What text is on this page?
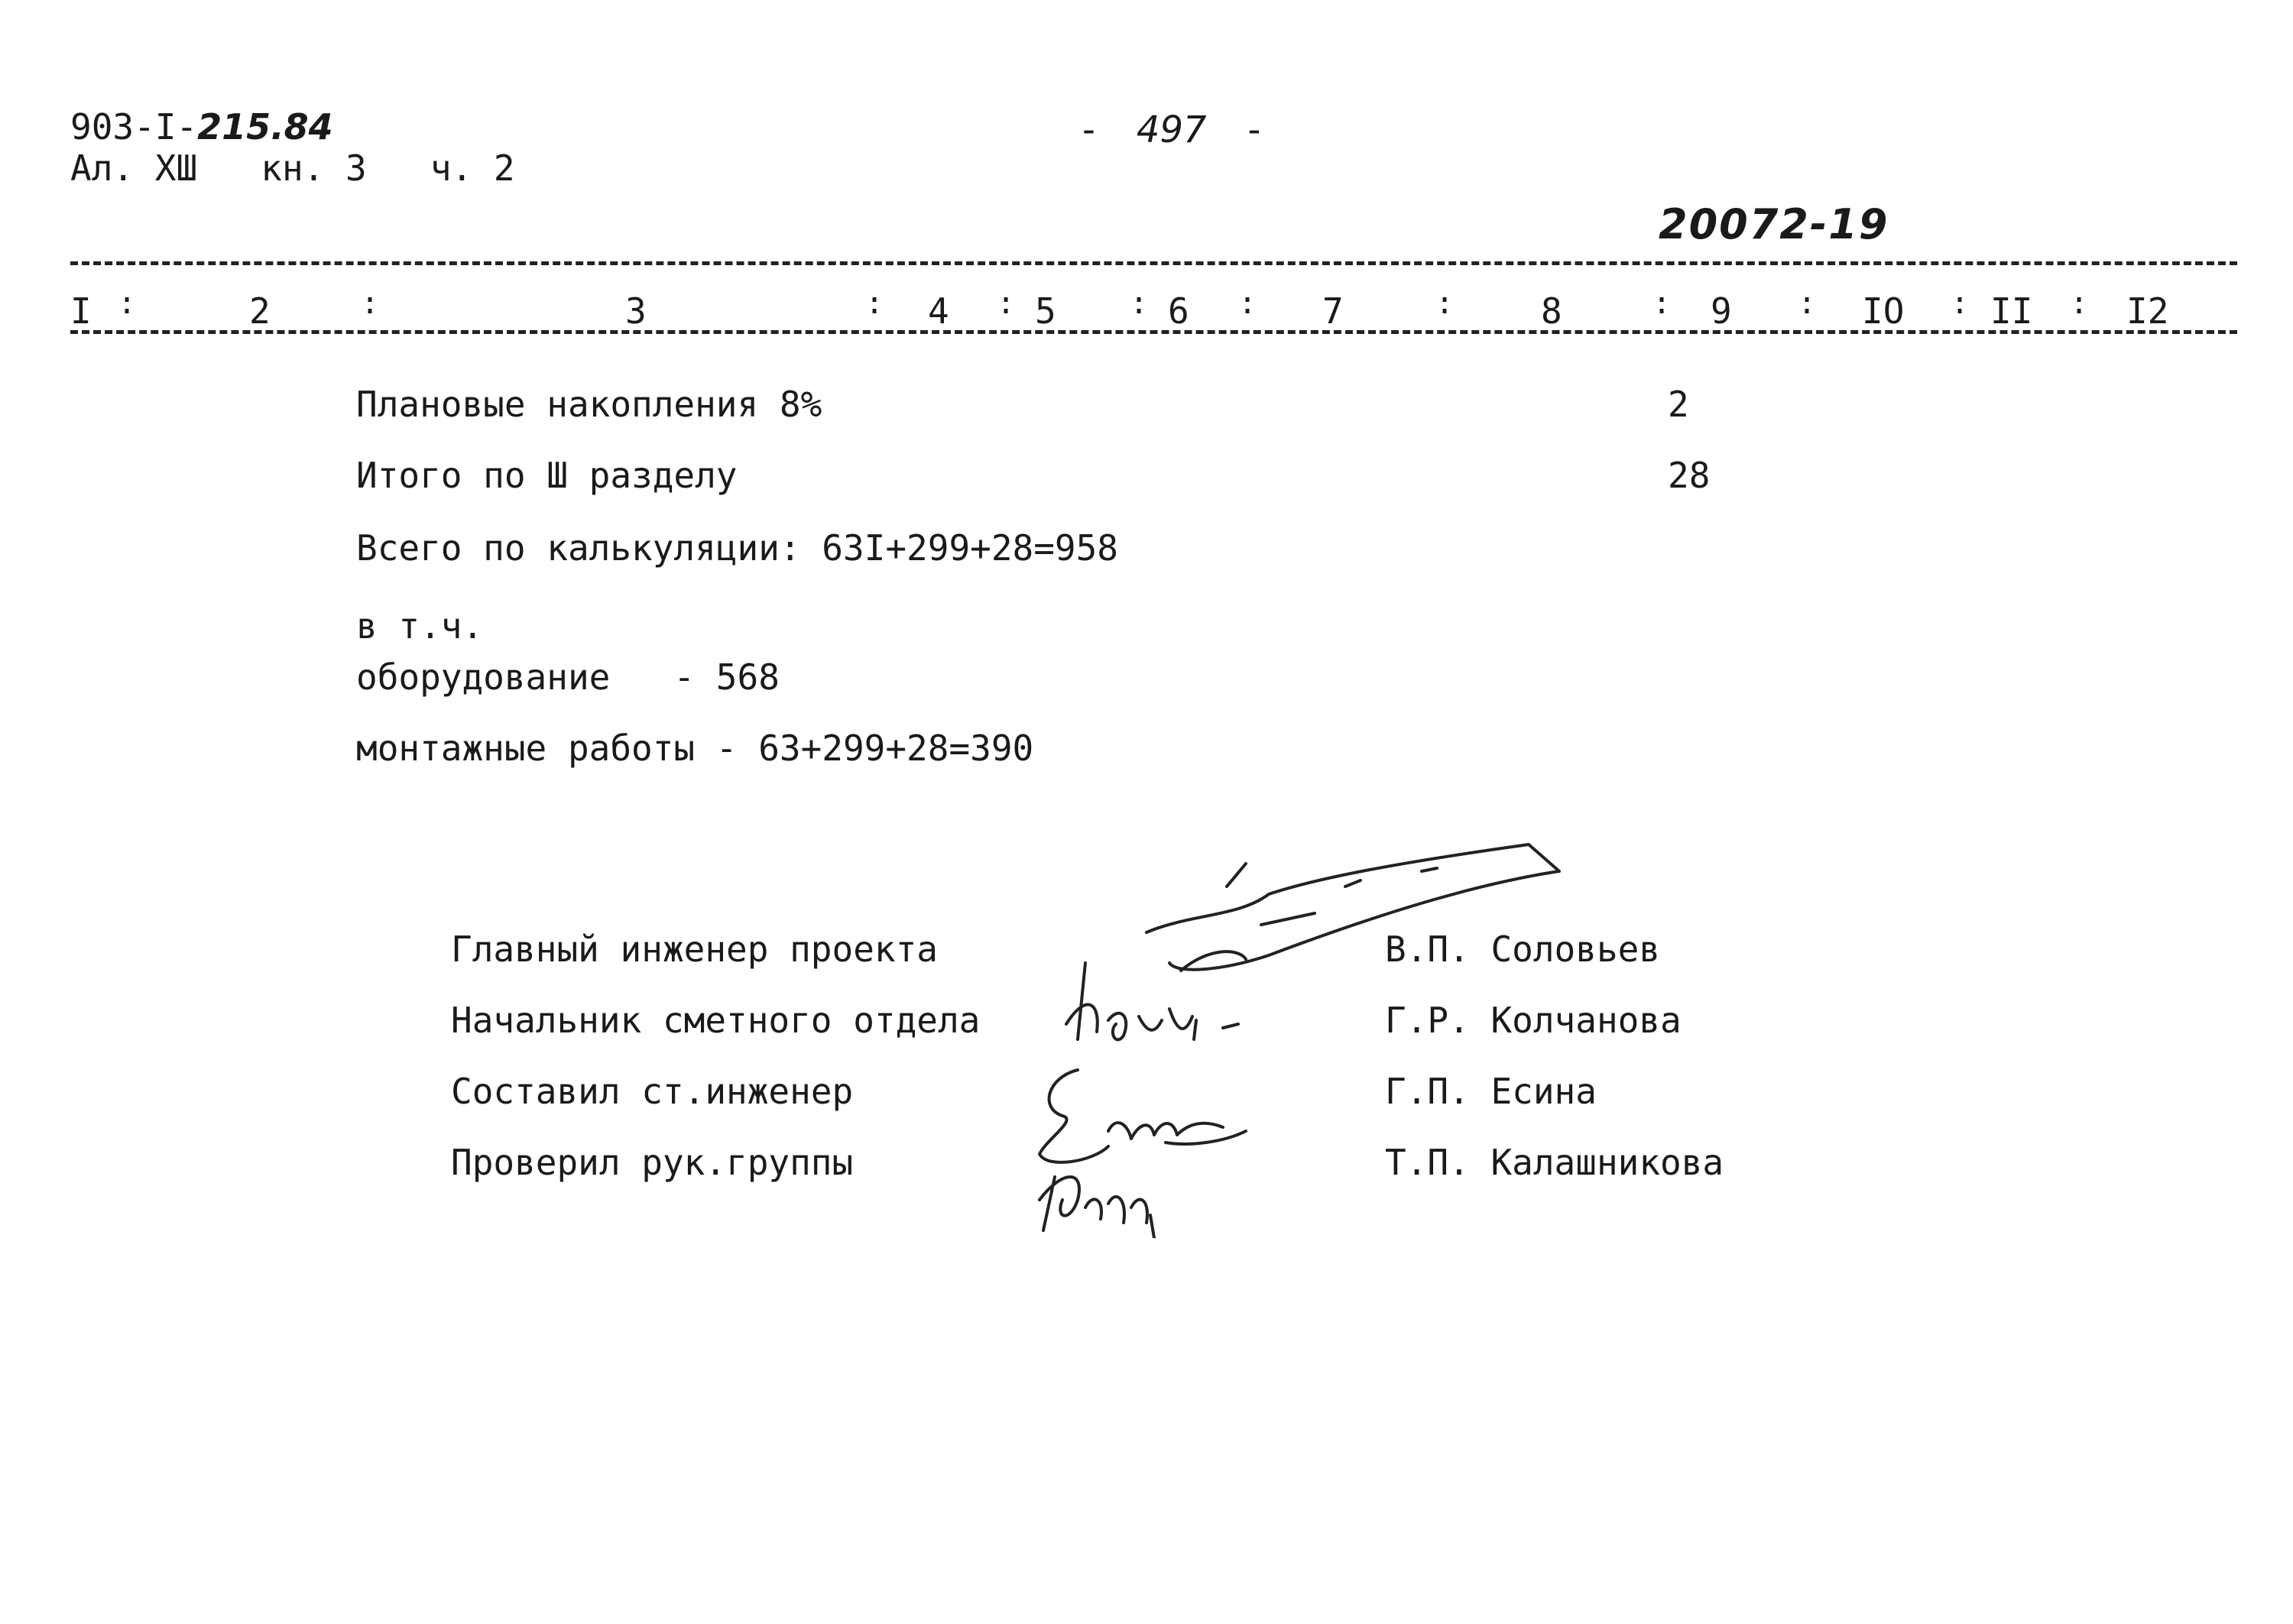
903-I-215.84
Ал. ХШ кн. 3 ч. 2
- 497 -
20072-19
I :	2	:	3	: 4 : 5 : 6 : 7	: 8	: 9 : IO : II : I2
Плановые накопления 8%	2
Итого по Ш разделу	28
Всего по калькуляции: 63I+299+28=958
в т.ч.
оборудование   - 568
монтажные работы - 63+299+28=390
Главный инженер проекта	В.П. Соловьев
Начальник сметного отдела	Г.Р. Колчанова
Составил ст.инженер	Г.П. Есина
Проверил рук.группы	Т.П. Калашникова
